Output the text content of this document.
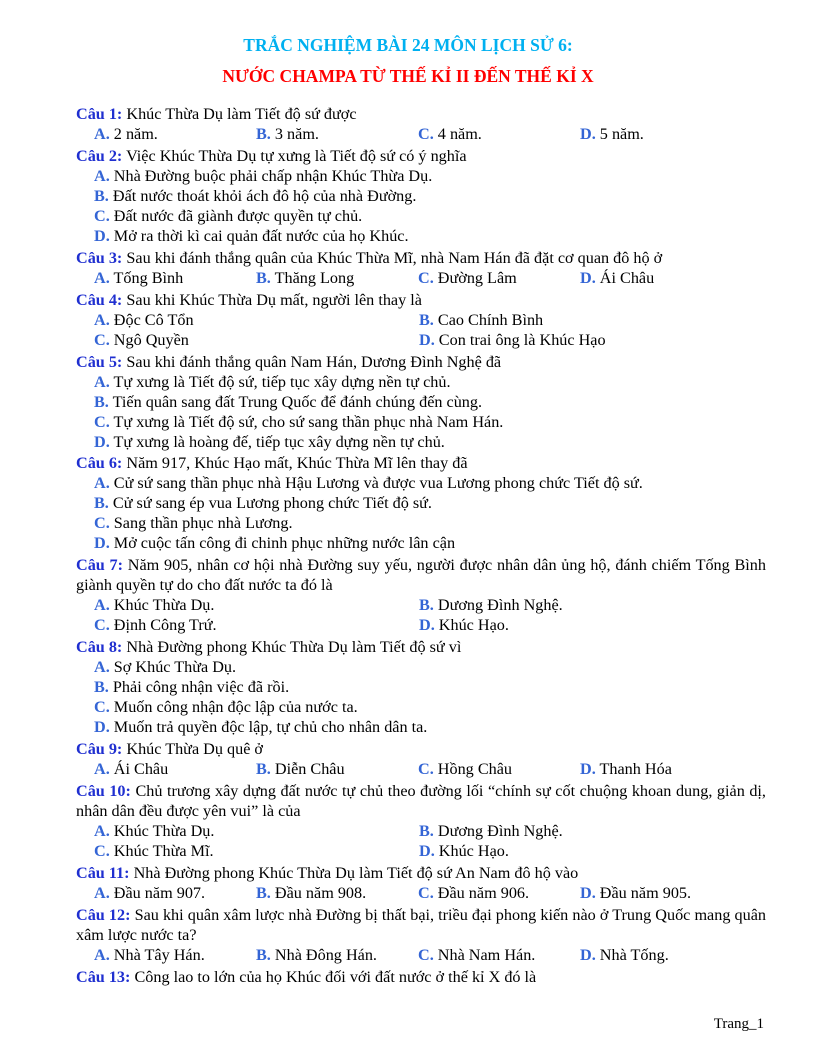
TRẮC NGHIỆM BÀI 24 MÔN LỊCH SỬ 6:
NƯỚC CHAMPA TỪ THẾ KỈ II ĐẾN THẾ KỈ X
Câu 1: Khúc Thừa Dụ làm Tiết độ sứ được
A. 2 năm.	B. 3 năm.	C. 4 năm.	D. 5 năm.
Câu 2: Việc Khúc Thừa Dụ tự xưng là Tiết độ sứ có ý nghĩa
A. Nhà Đường buộc phải chấp nhận Khúc Thừa Dụ.
B. Đất nước thoát khỏi ách đô hộ của nhà Đường.
C. Đất nước đã giành được quyền tự chủ.
D. Mở ra thời kì cai quản đất nước của họ Khúc.
Câu 3: Sau khi đánh thắng quân của Khúc Thừa Mĩ, nhà Nam Hán đã đặt cơ quan đô hộ ở
A. Tống Bình	B. Thăng Long	C. Đường Lâm	D. Ái Châu
Câu 4: Sau khi Khúc Thừa Dụ mất, người lên thay là
A. Độc Cô Tổn	B. Cao Chính Bình
C. Ngô Quyền	D. Con trai ông là Khúc Hạo
Câu 5: Sau khi đánh thắng quân Nam Hán, Dương Đình Nghệ đã
A. Tự xưng là Tiết độ sứ, tiếp tục xây dựng nền tự chủ.
B. Tiến quân sang đất Trung Quốc để đánh chúng đến cùng.
C. Tự xưng là Tiết độ sứ, cho sứ sang thần phục nhà Nam Hán.
D. Tự xưng là hoàng đế, tiếp tục xây dựng nền tự chủ.
Câu 6: Năm 917, Khúc Hạo mất, Khúc Thừa Mĩ lên thay đã
A. Cử sứ sang thần phục nhà Hậu Lương và được vua Lương phong chức Tiết độ sứ.
B. Cử sứ sang ép vua Lương phong chức Tiết độ sứ.
C. Sang thần phục nhà Lương.
D. Mở cuộc tấn công đi chinh phục những nước lân cận
Câu 7: Năm 905, nhân cơ hội nhà Đường suy yếu, người được nhân dân ủng hộ, đánh chiếm Tống Bình giành quyền tự do cho đất nước ta đó là
A. Khúc Thừa Dụ.	B. Dương Đình Nghệ.
C. Định Công Trứ.	D. Khúc Hạo.
Câu 8: Nhà Đường phong Khúc Thừa Dụ làm Tiết độ sứ vì
A. Sợ Khúc Thừa Dụ.
B. Phải công nhận việc đã rồi.
C. Muốn công nhận độc lập của nước ta.
D. Muốn trả quyền độc lập, tự chủ cho nhân dân ta.
Câu 9: Khúc Thừa Dụ quê ở
A. Ái Châu	B. Diễn Châu	C. Hồng Châu	D. Thanh Hóa
Câu 10: Chủ trương xây dựng đất nước tự chủ theo đường lối “chính sự cốt chuộng khoan dung, giản dị, nhân dân đều được yên vui” là của
A. Khúc Thừa Dụ.	B. Dương Đình Nghệ.
C. Khúc Thừa Mĩ.	D. Khúc Hạo.
Câu 11: Nhà Đường phong Khúc Thừa Dụ làm Tiết độ sứ An Nam đô hộ vào
A. Đầu năm 907.	B. Đầu năm 908.	C. Đầu năm 906.	D. Đầu năm 905.
Câu 12: Sau khi quân xâm lược nhà Đường bị thất bại, triều đại phong kiến nào ở Trung Quốc mang quân xâm lược nước ta?
A. Nhà Tây Hán.	B. Nhà Đông Hán.	C. Nhà Nam Hán.	D. Nhà Tống.
Câu 13: Công lao to lớn của họ Khúc đối với đất nước ở thế kỉ X đó là
Trang_1
